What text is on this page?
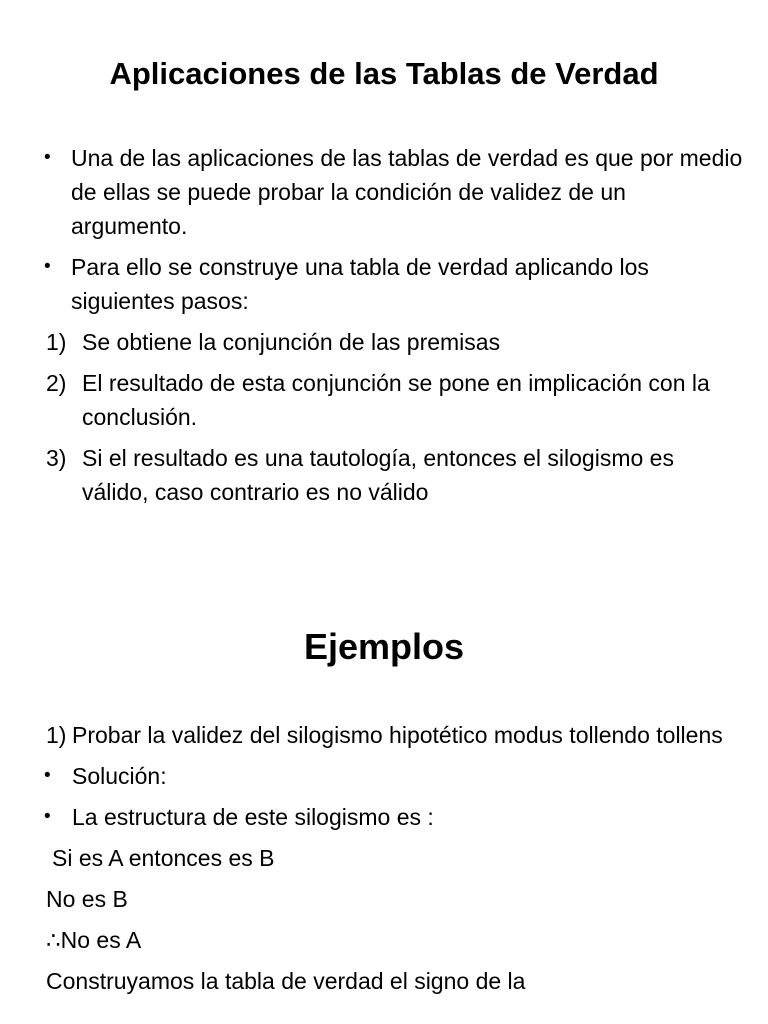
Aplicaciones de las Tablas de Verdad
• Una de las aplicaciones de las tablas de verdad es que por medio de ellas se puede probar la condición de validez de un argumento.
• Para ello se construye una tabla de verdad aplicando los siguientes pasos:
1) Se obtiene la conjunción de las premisas
2) El resultado de esta conjunción se pone en implicación con la conclusión.
3) Si el resultado es una tautología, entonces el silogismo es válido, caso contrario es no válido
Ejemplos
1) Probar la validez del silogismo hipotético modus tollendo tollens
• Solución:
• La estructura de este silogismo es :
Si es A entonces es B
No es B
∴No es A
Construyamos la tabla de verdad el signo de la
